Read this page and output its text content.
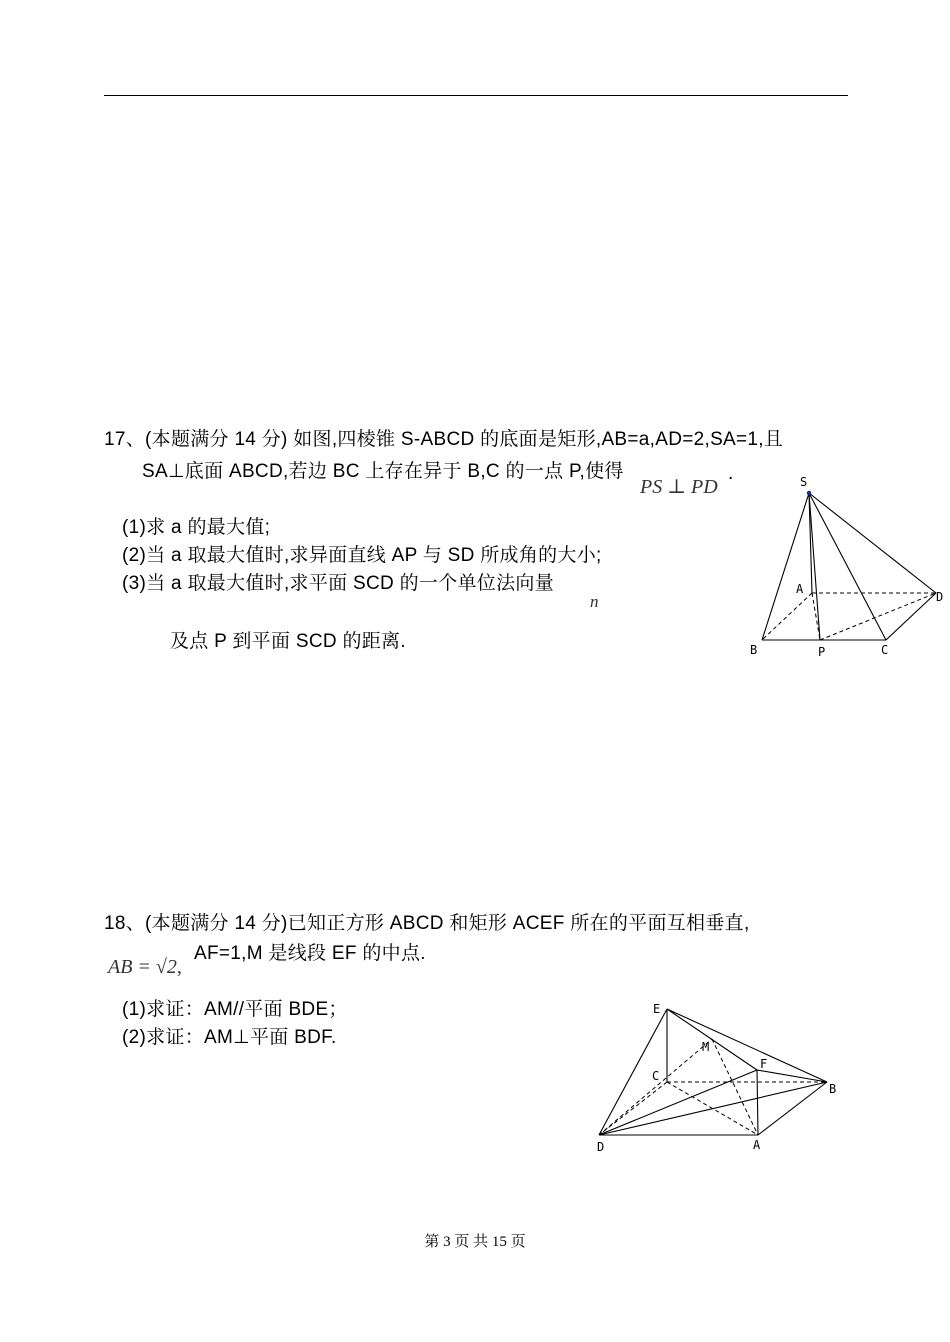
17、(本题满分 14 分) 如图,四棱锥 S-ABCD 的底面是矩形,AB=a,AD=2,SA=1,且
SA⊥底面 ABCD,若边 BC 上存在异于 B,C 的一点 P,使得
PS ⊥ PD
.
(1)求 a 的最大值;
(2)当 a 取最大值时,求异面直线 AP 与 SD 所成角的大小;
(3)当 a 取最大值时,求平面 SCD 的一个单位法向量
n
及点 P 到平面 SCD 的距离.
S
A
B	P	C
D
18、(本题满分 14 分)已知正方形 ABCD 和矩形 ACEF 所在的平面互相垂直,
AB = √2,
AF=1,M 是线段 EF 的中点.
(1)求证：AM//平面 BDE；
(2)求证：AM⊥平面 BDF.
E
M
F
C
B
D	A
第 3 页 共 15 页
